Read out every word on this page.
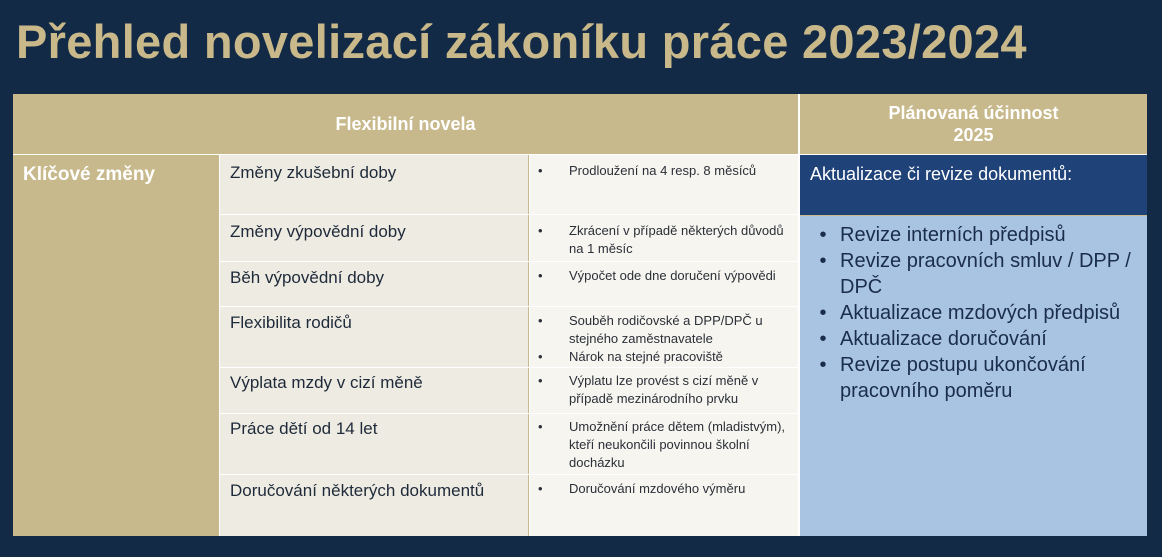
Přehled novelizací zákoníku práce 2023/2024
Flexibilní novela
Plánovaná účinnost
2025
Klíčové změny	Změny zkušební doby	•	Prodloužení na 4 resp. 8 měsíců
Změny výpovědní doby	•	Zkrácení v případě některých důvodů na 1 měsíc
Běh výpovědní doby	•	Výpočet ode dne doručení výpovědi
Flexibilita rodičů	•	Souběh rodičovské a DPP/DPČ u stejného zaměstnavatele
•	Nárok na stejné pracoviště
Výplata mzdy v cizí měně	•	Výplatu lze provést s cizí měně v případě mezinárodního prvku
Práce dětí od 14 let	•	Umožnění práce dětem (mladistvým), kteří neukončili povinnou školní docházku
Doručování některých dokumentů	•	Doručování mzdového výměru
Aktualizace či revize dokumentů:
• Revize interních předpisů
• Revize pracovních smluv / DPP / DPČ
• Aktualizace mzdových předpisů
• Aktualizace doručování
• Revize postupu ukončování pracovního poměru
